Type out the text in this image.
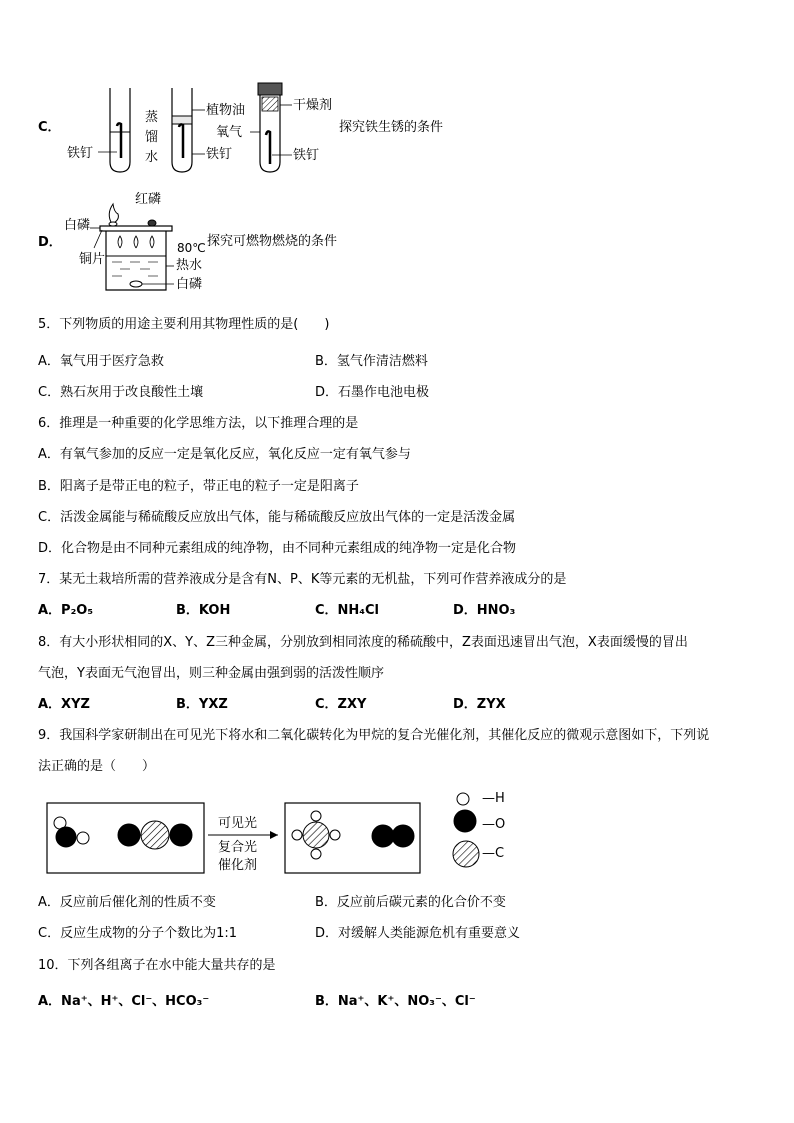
C．
铁钉
蒸
馏
水
植物油
铁钉
干燥剂
氧气
铁钉
探究铁生锈的条件
D．
白磷
红磷
铜片
80℃
热水
白磷
探究可燃物燃烧的条件
5．下列物质的用途主要利用其物理性质的是(　　)
A．氧气用于医疗急救	B．氢气作清洁燃料
C．熟石灰用于改良酸性土壤	D．石墨作电池电极
6．推理是一种重要的化学思维方法，以下推理合理的是
A．有氧气参加的反应一定是氧化反应，氧化反应一定有氧气参与
B．阳离子是带正电的粒子，带正电的粒子一定是阳离子
C．活泼金属能与稀硫酸反应放出气体，能与稀硫酸反应放出气体的一定是活泼金属
D．化合物是由不同种元素组成的纯净物，由不同种元素组成的纯净物一定是化合物
7．某无土栽培所需的营养液成分是含有N、P、K等元素的无机盐，下列可作营养液成分的是
A．P₂O₅	B．KOH	C．NH₄Cl	D．HNO₃
8．有大小形状相同的X、Y、Z三种金属，分别放到相同浓度的稀硫酸中，Z表面迅速冒出气泡，X表面缓慢的冒出
气泡，Y表面无气泡冒出，则三种金属由强到弱的活泼性顺序
A．XYZ	B．YXZ	C．ZXY	D．ZYX
9．我国科学家研制出在可见光下将水和二氧化碳转化为甲烷的复合光催化剂，其催化反应的微观示意图如下，下列说
法正确的是（　　）
可见光
复合光
催化剂
—H
—O
—C
A．反应前后催化剂的性质不变	B．反应前后碳元素的化合价不变
C．反应生成物的分子个数比为1:1	D．对缓解人类能源危机有重要意义
10．下列各组离子在水中能大量共存的是
A．Na⁺、H⁺、Cl⁻、HCO₃⁻	B．Na⁺、K⁺、NO₃⁻、Cl⁻
